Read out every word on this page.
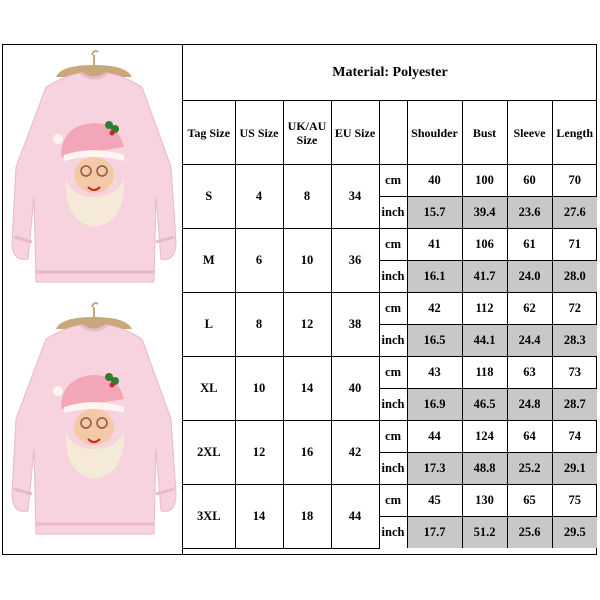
Material: Polyester								
Tag Size	US Size	UK/AU Size	EU Size		Shoulder	Bust	Sleeve	Length
S	4	8	34	cm	40	100	60	70
				inch	15.7	39.4	23.6	27.6
M	6	10	36	cm	41	106	61	71
				inch	16.1	41.7	24.0	28.0
L	8	12	38	cm	42	112	62	72
				inch	16.5	44.1	24.4	28.3
XL	10	14	40	cm	43	118	63	73
				inch	16.9	46.5	24.8	28.7
2XL	12	16	42	cm	44	124	64	74
				inch	17.3	48.8	25.2	29.1
3XL	14	18	44	cm	45	130	65	75
				inch	17.7	51.2	25.6	29.5
